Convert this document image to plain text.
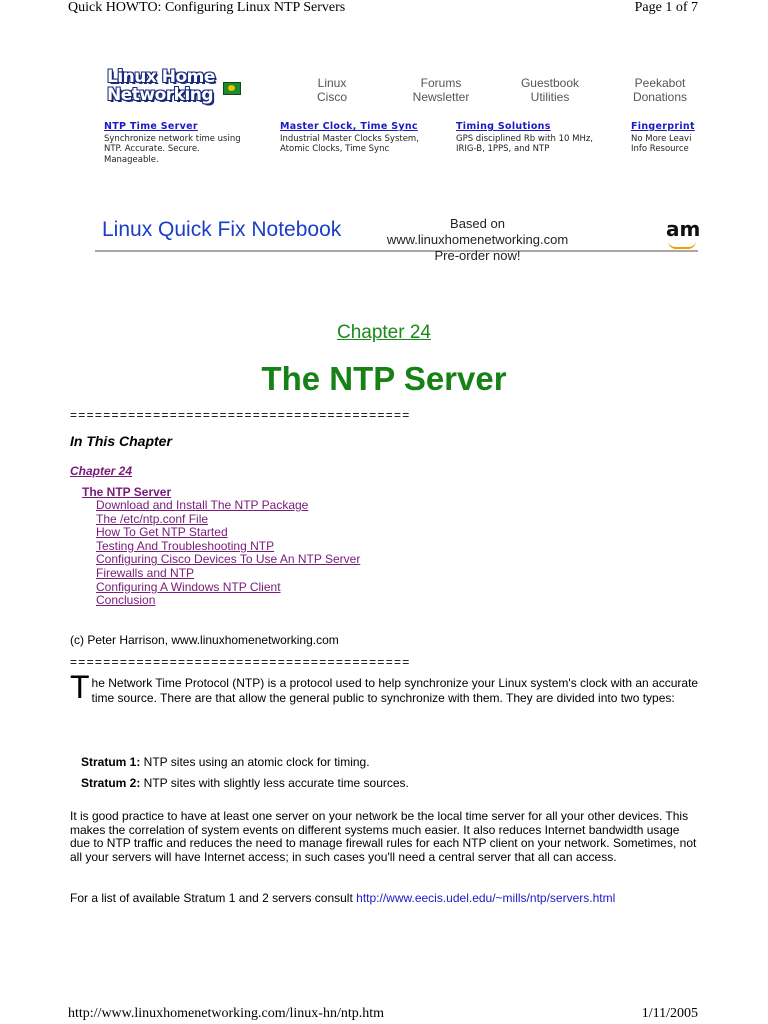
Quick HOWTO: Configuring Linux NTP Servers	Page 1 of 7
Linux Home
Networking
Linux
Cisco
Forums
Newsletter
Guestbook
Utilities
Peekabot
Donations
NTP Time Server
Synchronize network time using
NTP. Accurate. Secure.
Manageable.
Master Clock, Time Sync
Industrial Master Clocks System,
Atomic Clocks, Time Sync
Timing Solutions
GPS disciplined Rb with 10 MHz,
IRIG-B, 1PPS, and NTP
Fingerprint
No More Leavi
Info Resource
Linux Quick Fix Notebook	Based on www.linuxhomenetworking.com
Pre-order now!
am
Chapter 24
The NTP Server
=========================================
In This Chapter
Chapter 24
The NTP Server
Download and Install The NTP Package
The /etc/ntp.conf File
How To Get NTP Started
Testing And Troubleshooting NTP
Configuring Cisco Devices To Use An NTP Server
Firewalls and NTP
Configuring A Windows NTP Client
Conclusion
(c) Peter Harrison, www.linuxhomenetworking.com
=========================================
The Network Time Protocol (NTP) is a protocol used to help synchronize your Linux system's clock with an accurate time source. There are that allow the general public to synchronize with them. They are divided into two types:
Stratum 1: NTP sites using an atomic clock for timing.
Stratum 2: NTP sites with slightly less accurate time sources.
It is good practice to have at least one server on your network be the local time server for all your other devices. This makes the correlation of system events on different systems much easier. It also reduces Internet bandwidth usage due to NTP traffic and reduces the need to manage firewall rules for each NTP client on your network. Sometimes, not all your servers will have Internet access; in such cases you'll need a central server that all can access.
For a list of available Stratum 1 and 2 servers consult http://www.eecis.udel.edu/~mills/ntp/servers.html
http://www.linuxhomenetworking.com/linux-hn/ntp.htm	1/11/2005
